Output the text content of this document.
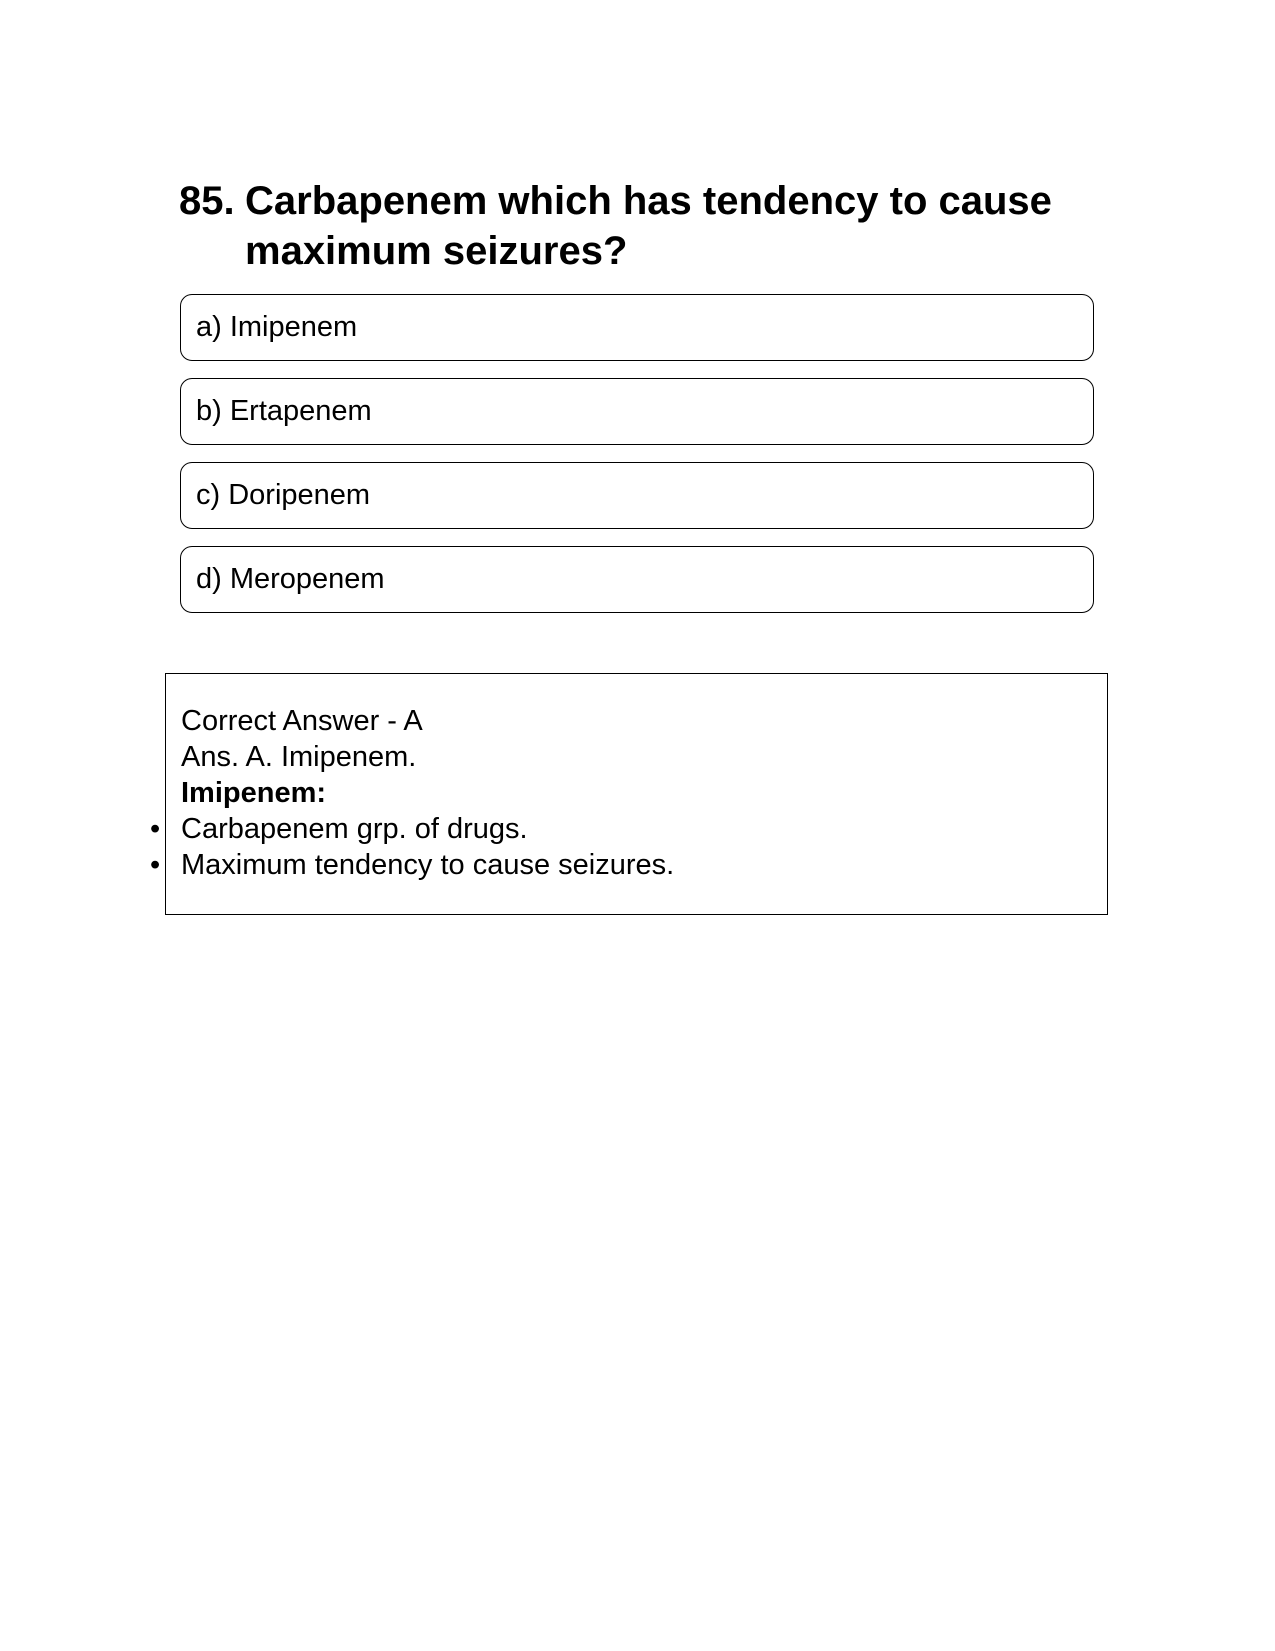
85. Carbapenem which has tendency to cause maximum seizures?
a) Imipenem
b) Ertapenem
c) Doripenem
d) Meropenem
Correct Answer - A
Ans. A. Imipenem.
Imipenem:
• Carbapenem grp. of drugs.
• Maximum tendency to cause seizures.
